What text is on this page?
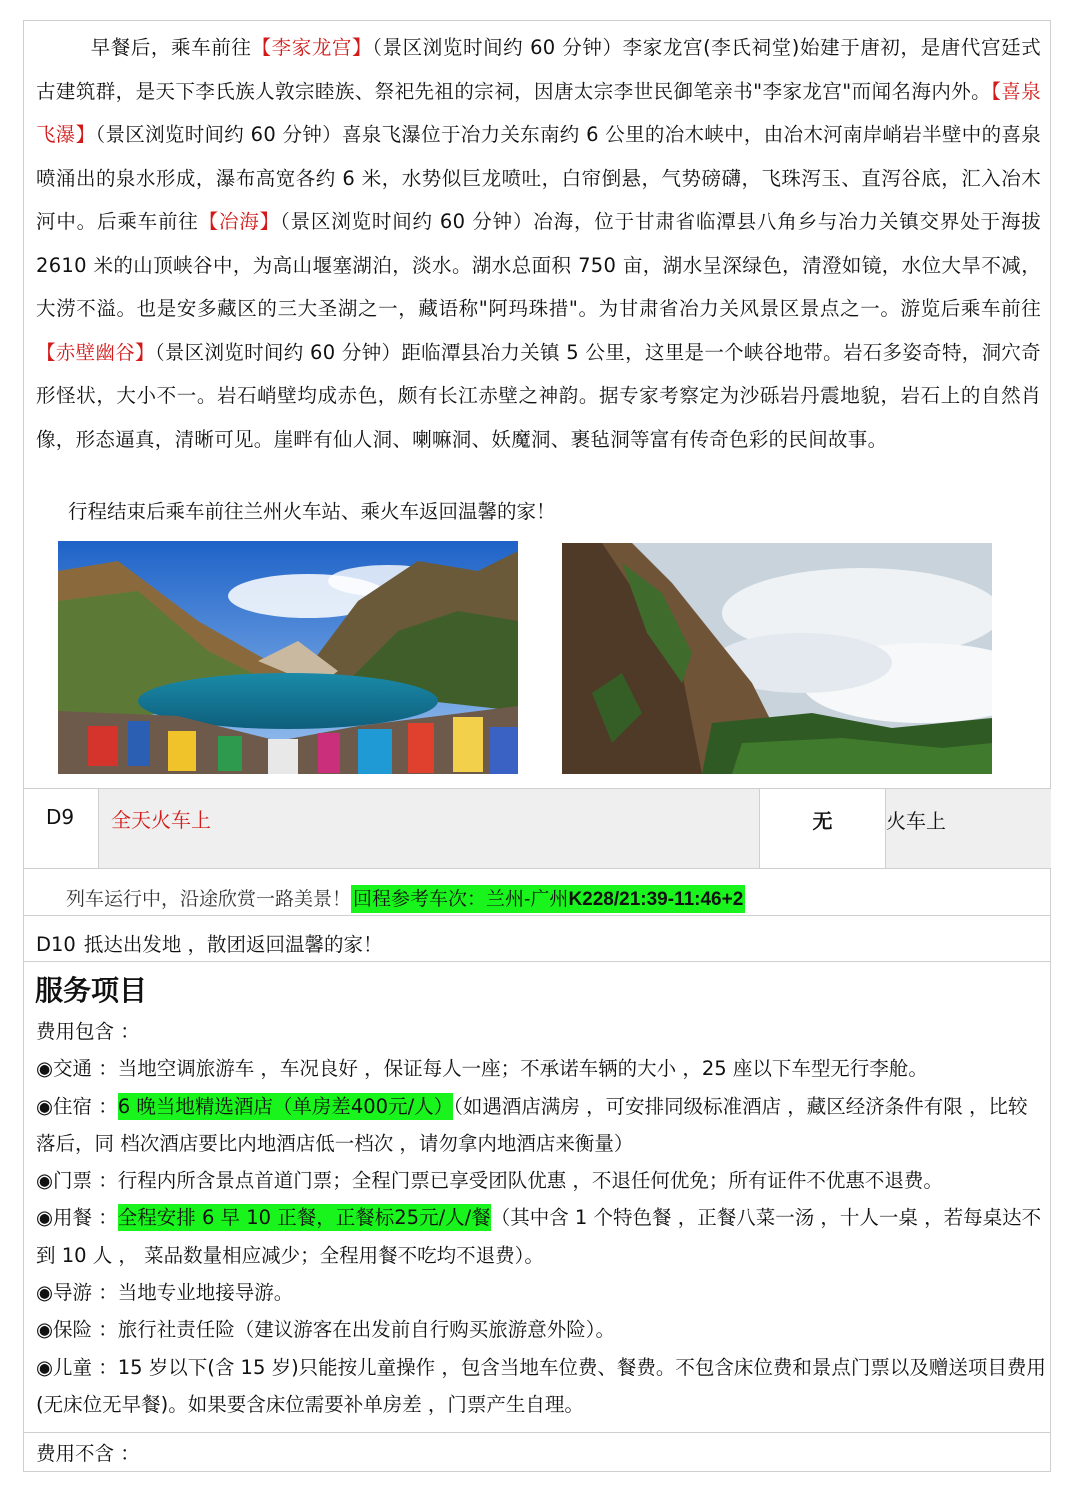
早餐后，乘车前往【李家龙宫】（景区浏览时间约 60 分钟）李家龙宫(李氏祠堂)始建于唐初，是唐代宫廷式古建筑群，是天下李氏族人敦宗睦族、祭祀先祖的宗祠，因唐太宗李世民御笔亲书"李家龙宫"而闻名海内外。【喜泉飞瀑】（景区浏览时间约 60 分钟）喜泉飞瀑位于冶力关东南约 6 公里的冶木峡中，由冶木河南岸峭岩半壁中的喜泉喷涌出的泉水形成，瀑布高宽各约 6 米，水势似巨龙喷吐，白帘倒悬，气势磅礴，飞珠泻玉、直泻谷底，汇入冶木河中。后乘车前往【冶海】（景区浏览时间约 60 分钟）冶海，位于甘肃省临潭县八角乡与冶力关镇交界处于海拔 2610 米的山顶峡谷中，为高山堰塞湖泊，淡水。湖水总面积 750 亩，湖水呈深绿色，清澄如镜，水位大旱不减，大涝不溢。也是安多藏区的三大圣湖之一，藏语称"阿玛珠措"。为甘肃省冶力关风景区景点之一。游览后乘车前往【赤壁幽谷】（景区浏览时间约 60 分钟）距临潭县冶力关镇 5 公里，这里是一个峡谷地带。岩石多姿奇特，洞穴奇形怪状，大小不一。岩石峭壁均成赤色，颇有长江赤壁之神韵。据专家考察定为沙砾岩丹震地貌，岩石上的自然肖像，形态逼真，清晰可见。崖畔有仙人洞、喇嘛洞、妖魔洞、裹毡洞等富有传奇色彩的民间故事。

行程结束后乘车前往兰州火车站、乘火车返回温馨的家！
D9	全天火车上	无	火车上
列车运行中，沿途欣赏一路美景！ 回程参考车次：兰州-广州K228/21:39-11:46+2
D10 抵达出发地 ，散团返回温馨的家！
服务项目

费用包含 ：

◉交通 ：当地空调旅游车 ，车况良好 ，保证每人一座；不承诺车辆的大小 ，25 座以下车型无行李舱。

◉住宿 ：6 晚当地精选酒店（单房差400元/人）（如遇酒店满房 ，可安排同级标准酒店 ，藏区经济条件有限 ，比较落后，同 档次酒店要比内地酒店低一档次 ，请勿拿内地酒店来衡量）

◉门票 ：行程内所含景点首道门票；全程门票已享受团队优惠 ，不退任何优免；所有证件不优惠不退费。

◉用餐 ：全程安排 6 早 10 正餐，正餐标25元/人/餐（其中含 1 个特色餐 ，正餐八菜一汤 ，十人一桌 ，若每桌达不到 10 人 ， 菜品数量相应减少；全程用餐不吃均不退费）。

◉导游 ：当地专业地接导游。

◉保险 ：旅行社责任险（建议游客在出发前自行购买旅游意外险）。

◉儿童 ：15 岁以下(含 15 岁)只能按儿童操作 ，包含当地车位费、餐费。不包含床位费和景点门票以及赠送项目费用(无床位无早餐)。如果要含床位需要补单房差 ，门票产生自理。

费用不含 ：
